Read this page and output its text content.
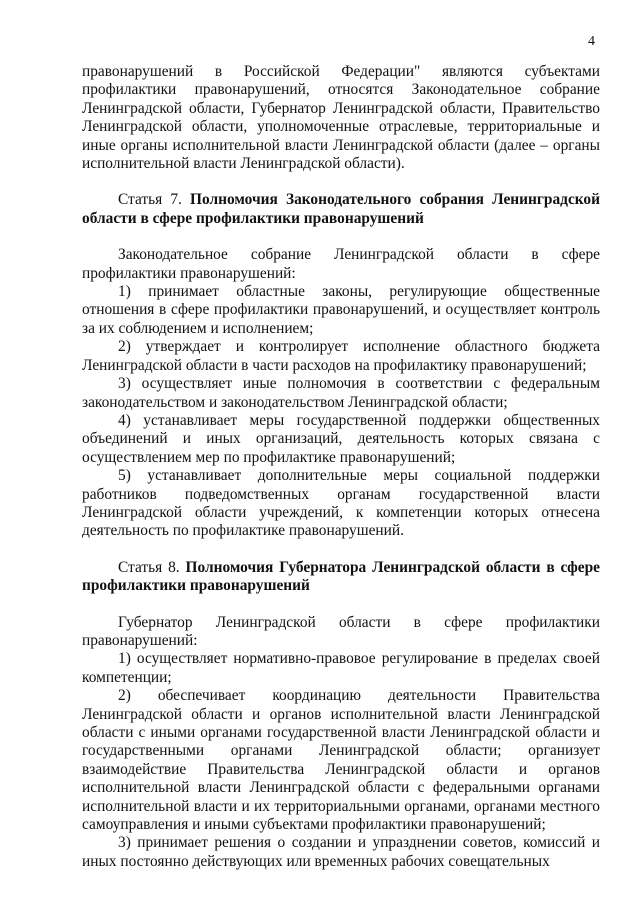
4

правонарушений в Российской Федерации" являются субъектами профилактики правонарушений, относятся Законодательное собрание Ленинградской области, Губернатор Ленинградской области, Правительство Ленинградской области, уполномоченные отраслевые, территориальные и иные органы исполнительной власти Ленинградской области (далее – органы исполнительной власти Ленинградской области).

Статья 7. Полномочия Законодательного собрания Ленинградской области в сфере профилактики правонарушений

Законодательное собрание Ленинградской области в сфере профилактики правонарушений:

1) принимает областные законы, регулирующие общественные отношения в сфере профилактики правонарушений, и осуществляет контроль за их соблюдением и исполнением;

2) утверждает и контролирует исполнение областного бюджета Ленинградской области в части расходов на профилактику правонарушений;

3) осуществляет иные полномочия в соответствии с федеральным законодательством и законодательством Ленинградской области;

4) устанавливает меры государственной поддержки общественных объединений и иных организаций, деятельность которых связана с осуществлением мер по профилактике правонарушений;

5) устанавливает дополнительные меры социальной поддержки работников подведомственных органам государственной власти Ленинградской области учреждений, к компетенции которых отнесена деятельность по профилактике правонарушений.

Статья 8. Полномочия Губернатора Ленинградской области в сфере профилактики правонарушений

Губернатор Ленинградской области в сфере профилактики правонарушений:

1) осуществляет нормативно-правовое регулирование в пределах своей компетенции;

2) обеспечивает координацию деятельности Правительства Ленинградской области и органов исполнительной власти Ленинградской области с иными органами государственной власти Ленинградской области и государственными органами Ленинградской области; организует взаимодействие Правительства Ленинградской области и органов исполнительной власти Ленинградской области с федеральными органами исполнительной власти и их территориальными органами, органами местного самоуправления и иными субъектами профилактики правонарушений;

3) принимает решения о создании и упразднении советов, комиссий и иных постоянно действующих или временных рабочих совещательных
